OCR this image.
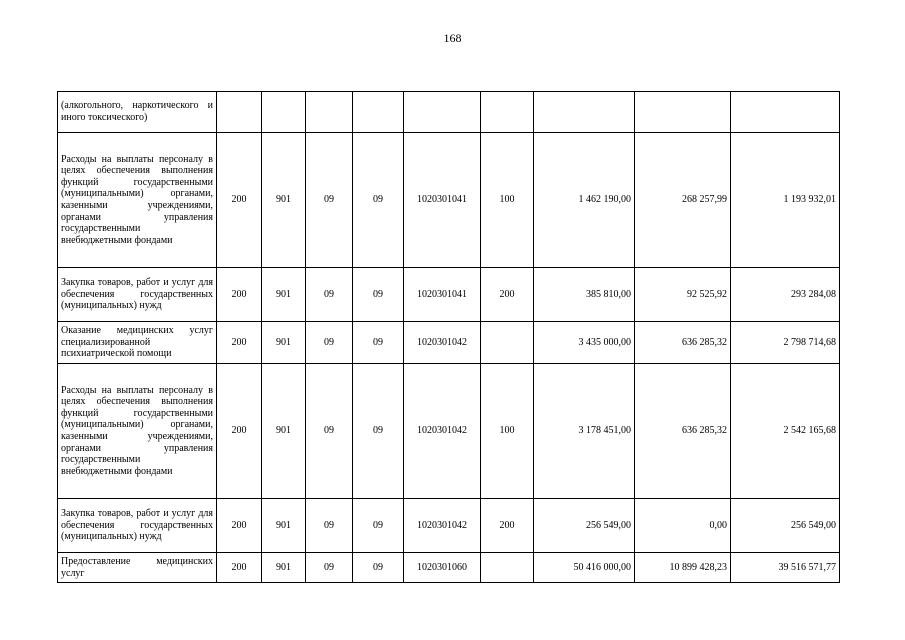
168
(алкогольного, наркотического и иного токсического)									
Расходы на выплаты персоналу в целях обеспечения выполнения функций государственными (муниципальными) органами, казенными учреждениями, органами управления государственными внебюджетными фондами	200	901	09	09	1020301041	100	1 462 190,00	268 257,99	1 193 932,01
Закупка товаров, работ и услуг для обеспечения государственных (муниципальных) нужд	200	901	09	09	1020301041	200	385 810,00	92 525,92	293 284,08
Оказание медицинских услуг специализированной психиатрической помощи	200	901	09	09	1020301042		3 435 000,00	636 285,32	2 798 714,68
Расходы на выплаты персоналу в целях обеспечения выполнения функций государственными (муниципальными) органами, казенными учреждениями, органами управления государственными внебюджетными фондами	200	901	09	09	1020301042	100	3 178 451,00	636 285,32	2 542 165,68
Закупка товаров, работ и услуг для обеспечения государственных (муниципальных) нужд	200	901	09	09	1020301042	200	256 549,00	0,00	256 549,00
Предоставление медицинских услуг	200	901	09	09	1020301060		50 416 000,00	10 899 428,23	39 516 571,77
